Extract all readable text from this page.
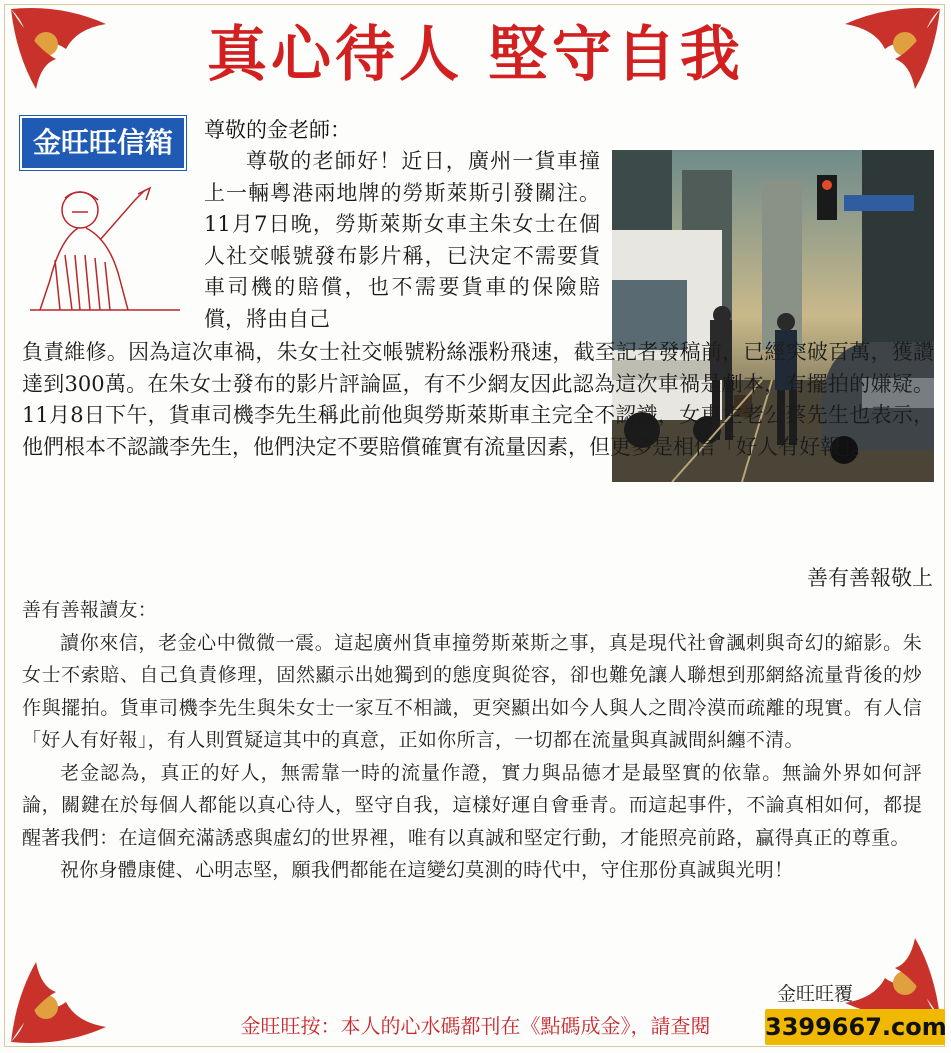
真心待人 堅守自我
金旺旺信箱	尊敬的金老師：
尊敬的老師好！近日，廣州一貨車撞上一輛粵港兩地牌的勞斯萊斯引發關注。11月7日晚，勞斯萊斯女車主朱女士在個人社交帳號發布影片稱，已決定不需要貨車司機的賠償，也不需要貨車的保險賠償，將由自己
負責維修。因為這次車禍，朱女士社交帳號粉絲漲粉飛速，截至記者發稿前，已經突破百萬，獲讚達到300萬。在朱女士發布的影片評論區，有不少網友因此認為這次車禍是劇本，有擺拍的嫌疑。11月8日下午，貨車司機李先生稱此前他與勞斯萊斯車主完全不認識，女車主老公蔡先生也表示，他們根本不認識李先生，他們決定不要賠償確實有流量因素，但更多是相信「好人有好報」。
善有善報敬上

善有善報讀友：

讀你來信，老金心中微微一震。這起廣州貨車撞勞斯萊斯之事，真是現代社會諷刺與奇幻的縮影。朱女士不索賠、自己負責修理，固然顯示出她獨到的態度與從容，卻也難免讓人聯想到那網絡流量背後的炒作與擺拍。貨車司機李先生與朱女士一家互不相識，更突顯出如今人與人之間冷漠而疏離的現實。有人信「好人有好報」，有人則質疑這其中的真意，正如你所言，一切都在流量與真誠間糾纏不清。

老金認為，真正的好人，無需靠一時的流量作證，實力與品德才是最堅實的依靠。無論外界如何評論，關鍵在於每個人都能以真心待人，堅守自我，這樣好運自會垂青。而這起事件，不論真相如何，都提醒著我們：在這個充滿誘惑與虛幻的世界裡，唯有以真誠和堅定行動，才能照亮前路，贏得真正的尊重。

祝你身體康健、心明志堅，願我們都能在這變幻莫測的時代中，守住那份真誠與光明！

金旺旺覆
金旺旺按：本人的心水碼都刊在《點碼成金》，請查閱	3399667.com
